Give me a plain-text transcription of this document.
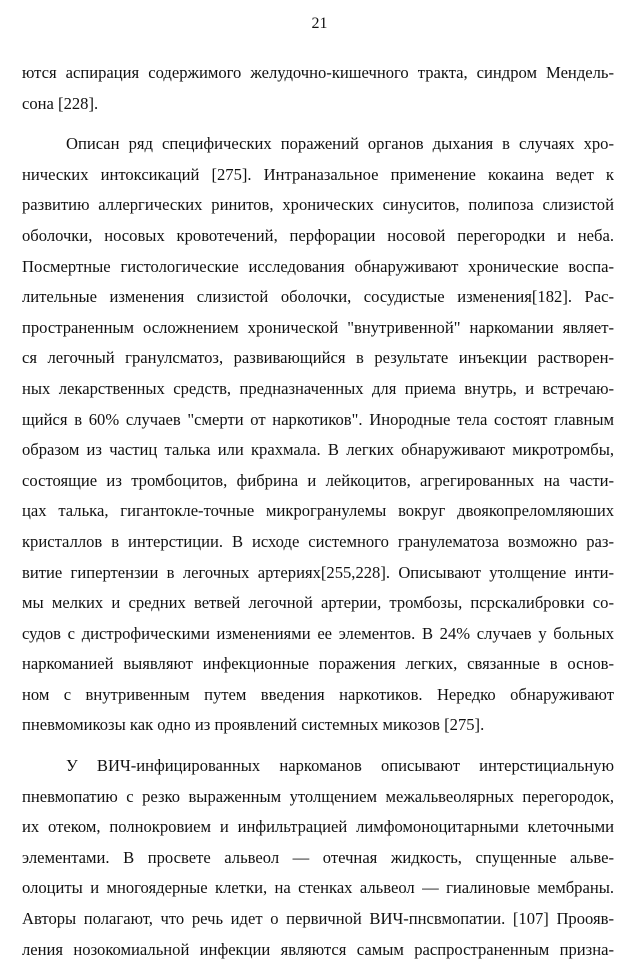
21
ются аспирация содержимого желудочно-кишечного тракта, синдром Мендель-
сона [228].
Описан ряд специфических поражений органов дыхания в случаях хро-
нических интоксикаций [275]. Интраназальное применение кокаина ведет к
развитию аллергических ринитов, хронических синуситов, полипоза слизистой
оболочки, носовых кровотечений, перфорации носовой перегородки и неба.
Посмертные гистологические исследования обнаруживают хронические воспа-
лительные изменения слизистой оболочки, сосудистые изменения[182]. Рас-
пространенным осложнением хронической "внутривенной" наркомании являет-
ся легочный гранулсматоз, развивающийся в результате инъекции растворен-
ных лекарственных средств, предназначенных для приема внутрь, и встречаю-
щийся в 60% случаев "смерти от наркотиков". Инородные тела состоят главным
образом из частиц талька или крахмала. В легких обнаруживают микротромбы,
состоящие из тромбоцитов, фибрина и лейкоцитов, агрегированных на части-
цах талька, гигантокле-точные микрогранулемы вокруг двоякопреломляюших
кристаллов в интерстиции. В исходе системного гранулематоза возможно раз-
витие гипертензии в легочных артериях[255,228]. Описывают утолщение инти-
мы мелких и средних ветвей легочной артерии, тромбозы, псрскалибровки со-
судов с дистрофическими изменениями ее элементов. В 24% случаев у больных
наркоманией выявляют инфекционные поражения легких, связанные в основ-
ном с внутривенным путем введения наркотиков. Нередко обнаруживают
пневмомикозы как одно из проявлений системных микозов [275].
У ВИЧ-инфицированных наркоманов описывают интерстициальную
пневмопатию с резко выраженным утолщением межальвеолярных перегородок,
их отеком, полнокровием и инфильтрацией лимфомоноцитарными клеточными
элементами. В просвете альвеол — отечная жидкость, спущенные альве-
олоциты и многоядерные клетки, на стенках альвеол — гиалиновые мембраны.
Авторы полагают, что речь идет о первичной ВИЧ-пнсвмопатии. [107] Проояв-
ления нозокомиальной инфекции являются самым распространенным призна-
